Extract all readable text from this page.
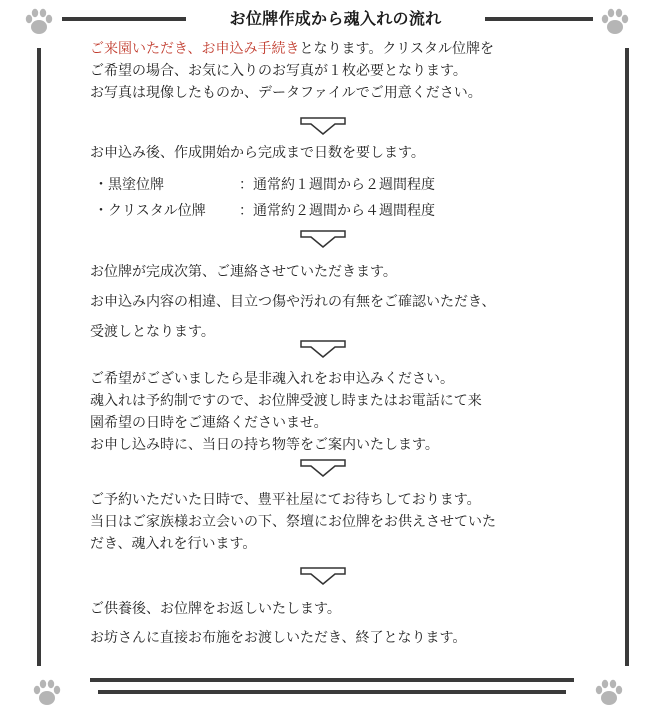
お位牌作成から魂入れの流れ
ご来園いただき、お申込み手続きとなります。クリスタル位牌を
ご希望の場合、お気に入りのお写真が１枚必要となります。
お写真は現像したものか、データファイルでご用意ください。
お申込み後、作成開始から完成まで日数を要します。
・黒塗位牌	：通常約１週間から２週間程度
・クリスタル位牌	：通常約２週間から４週間程度
お位牌が完成次第、ご連絡させていただきます。
お申込み内容の相違、目立つ傷や汚れの有無をご確認いただき、
受渡しとなります。
ご希望がございましたら是非魂入れをお申込みください。
魂入れは予約制ですので、お位牌受渡し時またはお電話にて来
園希望の日時をご連絡くださいませ。
お申し込み時に、当日の持ち物等をご案内いたします。
ご予約いただいた日時で、豊平社屋にてお待ちしております。
当日はご家族様お立会いの下、祭壇にお位牌をお供えさせていた
だき、魂入れを行います。
ご供養後、お位牌をお返しいたします。
お坊さんに直接お布施をお渡しいただき、終了となります。
